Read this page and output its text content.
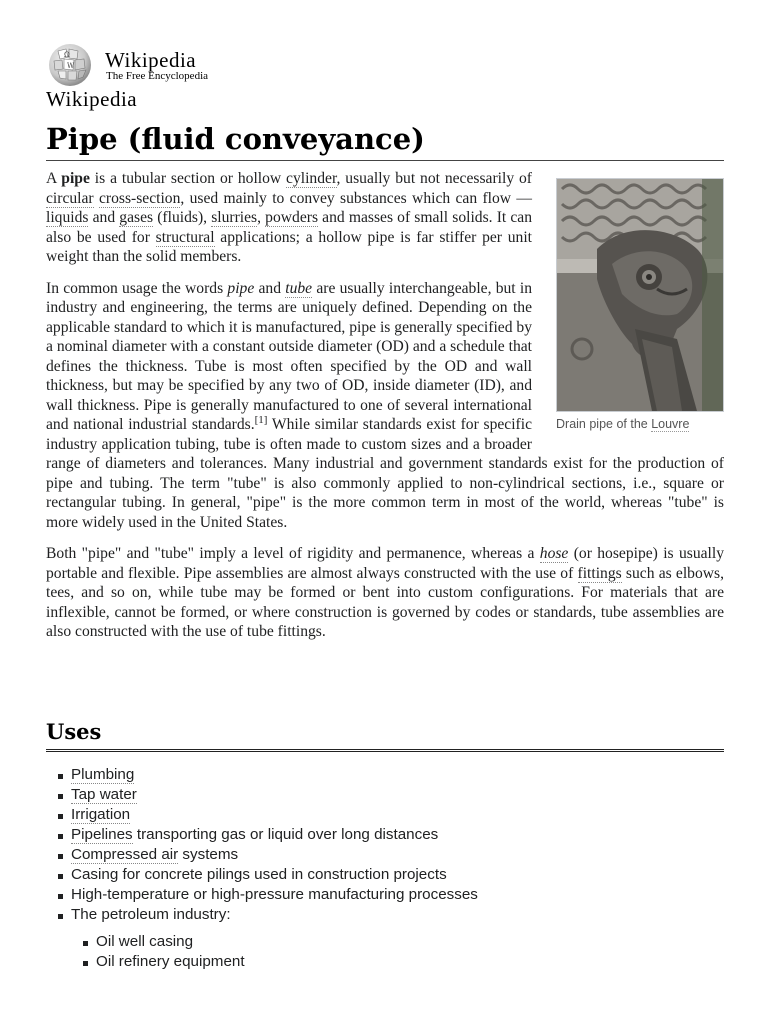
Ω
W Wikipedia
The Free Encyclopedia
Wikipedia
Pipe (fluid conveyance)
Drain pipe of the Louvre

A pipe is a tubular section or hollow cylinder, usually but not necessarily of circular cross-section, used mainly to convey substances which can flow — liquids and gases (fluids), slurries, powders and masses of small solids. It can also be used for structural applications; a hollow pipe is far stiffer per unit weight than the solid members.

In common usage the words pipe and tube are usually interchangeable, but in industry and engineering, the terms are uniquely defined. Depending on the applicable standard to which it is manufactured, pipe is generally specified by a nominal diameter with a constant outside diameter (OD) and a schedule that defines the thickness. Tube is most often specified by the OD and wall thickness, but may be specified by any two of OD, inside diameter (ID), and wall thickness. Pipe is generally manufactured to one of several international and national industrial standards.[1] While similar standards exist for specific industry application tubing, tube is often made to custom sizes and a broader range of diameters and tolerances. Many industrial and government standards exist for the production of pipe and tubing. The term "tube" is also commonly applied to non-cylindrical sections, i.e., square or rectangular tubing. In general, "pipe" is the more common term in most of the world, whereas "tube" is more widely used in the United States.

Both "pipe" and "tube" imply a level of rigidity and permanence, whereas a hose (or hosepipe) is usually portable and flexible. Pipe assemblies are almost always constructed with the use of fittings such as elbows, tees, and so on, while tube may be formed or bent into custom configurations. For materials that are inflexible, cannot be formed, or where construction is governed by codes or standards, tube assemblies are also constructed with the use of tube fittings.

Uses
Plumbing
Tap water
Irrigation
Pipelines transporting gas or liquid over long distances
Compressed air systems
Casing for concrete pilings used in construction projects
High-temperature or high-pressure manufacturing processes
The petroleum industry:
Oil well casing
Oil refinery equipment
